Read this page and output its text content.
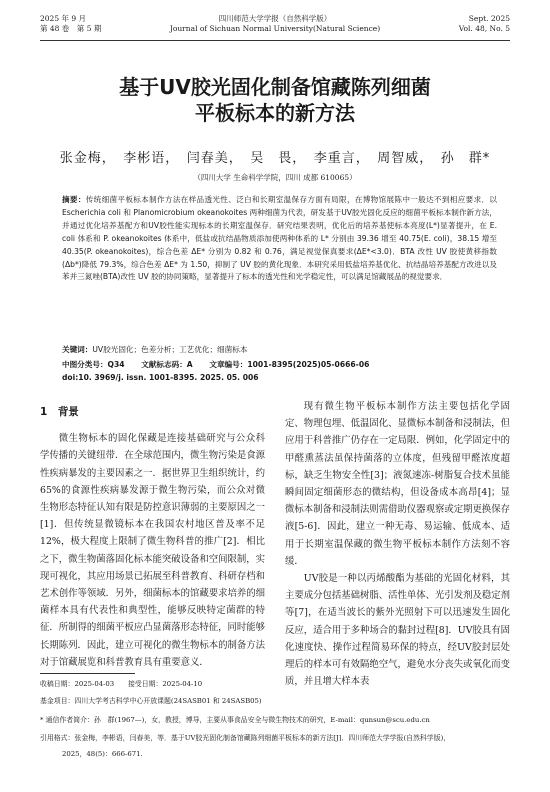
2025 年 9 月
第 48 卷　第 5 期
四川师范大学学报（自然科学版）
Journal of Sichuan Normal University(Natural Science)
Sept. 2025
Vol. 48, No. 5
基于UV胶光固化制备馆藏陈列细菌
平板标本的新方法
张金梅，　李彬语，　闫春美，　吴　畏，　李重言，　周智威，　孙　群*
（四川大学 生命科学学院，四川 成都 610065）
摘要：传统细菌平板标本制作方法在样品透光性、泛白和长期室温保存方面有局限，在博物馆展陈中一般达不到相应要求．以 Escherichia coli 和 Planomicrobium okeanokoites 两种细菌为代表，研发基于UV胶光固化反应的细菌平板标本制作新方法，并通过优化培养基配方和UV胶性能实现标本的长期室温保存．研究结果表明，优化后的培养基使标本亮度(L*)显著提升，在 E. coli 体系和 P. okeanokoites 体系中，低盐或抗结晶物质添加使两种体系的 L* 分别由 39.36 增至 40.75(E. coli)，38.15 增至 40.35(P. okeanokoites)，综合色差 ΔE* 分别为 0.82 和 0.76，满足视觉保真要求(ΔE*<3.0)．BTA 改性 UV 胶使黄移指数(Δb*)降低 79.3%，综合色差 ΔE* 为 1.50，抑制了 UV 胶的黄化现象．本研究采用低盐培养基优化、抗结晶培养基配方改进以及苯并三氮唑(BTA)改性 UV 胶的协同策略，显著提升了标本的透光性和光学稳定性，可以满足馆藏展品的视觉要求．
关键词：UV胶光固化；色差分析；工艺优化；细菌标本
中图分类号：Q34 文献标志码：A 文章编号：1001-8395(2025)05-0666-06
doi:10. 3969/j. issn. 1001-8395. 2025. 05. 006
1  背景

微生物标本的固化保藏是连接基础研究与公众科学传播的关键纽带．在全球范围内，微生物污染是食源性疾病暴发的主要因素之一．据世界卫生组织统计，约65%的食源性疾病暴发源于微生物污染，而公众对微生物形态特征认知有限是防控意识薄弱的主要原因之一[1]．但传统显微镜标本在我国农村地区普及率不足12%，极大程度上限制了微生物科普的推广[2]．相比之下，微生物菌落固化标本能突破设备和空间限制，实现可视化，其应用场景已拓展至科普教育、科研存档和艺术创作等领域．另外，细菌标本的馆藏要求培养的细菌样本具有代表性和典型性，能够反映特定菌群的特征．所制得的细菌平板应凸显菌落形态特征，同时能够长期陈列．因此，建立可视化的微生物标本的制备方法对于馆藏展览和科普教育具有重要意义．

现有微生物平板标本制作方法主要包括化学固定、物理包埋、低温固化、显微标本制备和浸制法，但应用于科普推广仍存在一定局限．例如，化学固定中的甲醛熏蒸法虽保持菌落的立体度，但残留甲醛浓度超标，缺乏生物安全性[3]；液氮速冻-树脂复合技术虽能瞬间固定细菌形态的微结构，但设备成本高昂[4]；显微标本制备和浸制法则需借助仪器观察或定期更换保存液[5-6]．因此，建立一种无毒、易运输、低成本、适用于长期室温保藏的微生物平板标本制作方法刻不容缓．

UV胶是一种以丙烯酸酯为基础的光固化材料，其主要成分包括基础树脂、活性单体、光引发剂及稳定剂等[7]，在适当波长的紫外光照射下可以迅速发生固化反应，适合用于多种场合的黏封过程[8]．UV胶具有固化速度快、操作过程简易环保的特点，经UV胶封层处理后的样本可有效隔绝空气，避免水分丧失或氧化而变质，并且增大样本表

收稿日期：2025-04-03　　接受日期：2025-04-10
基金项目：四川大学考古科学中心开放课题(24SASB01 和 24SASB05)
* 通信作者简介：孙　群(1967—)，女，教授，博导，主要从事食品安全与微生物技术的研究，E-mail：qunsun@scu.edu.cn
引用格式：张金梅，李彬语，闫春美，等．基于UV胶光固化制备馆藏陈列细菌平板标本的新方法[J]．四川师范大学学报(自然科学版)，
2025，48(5)：666-671.
